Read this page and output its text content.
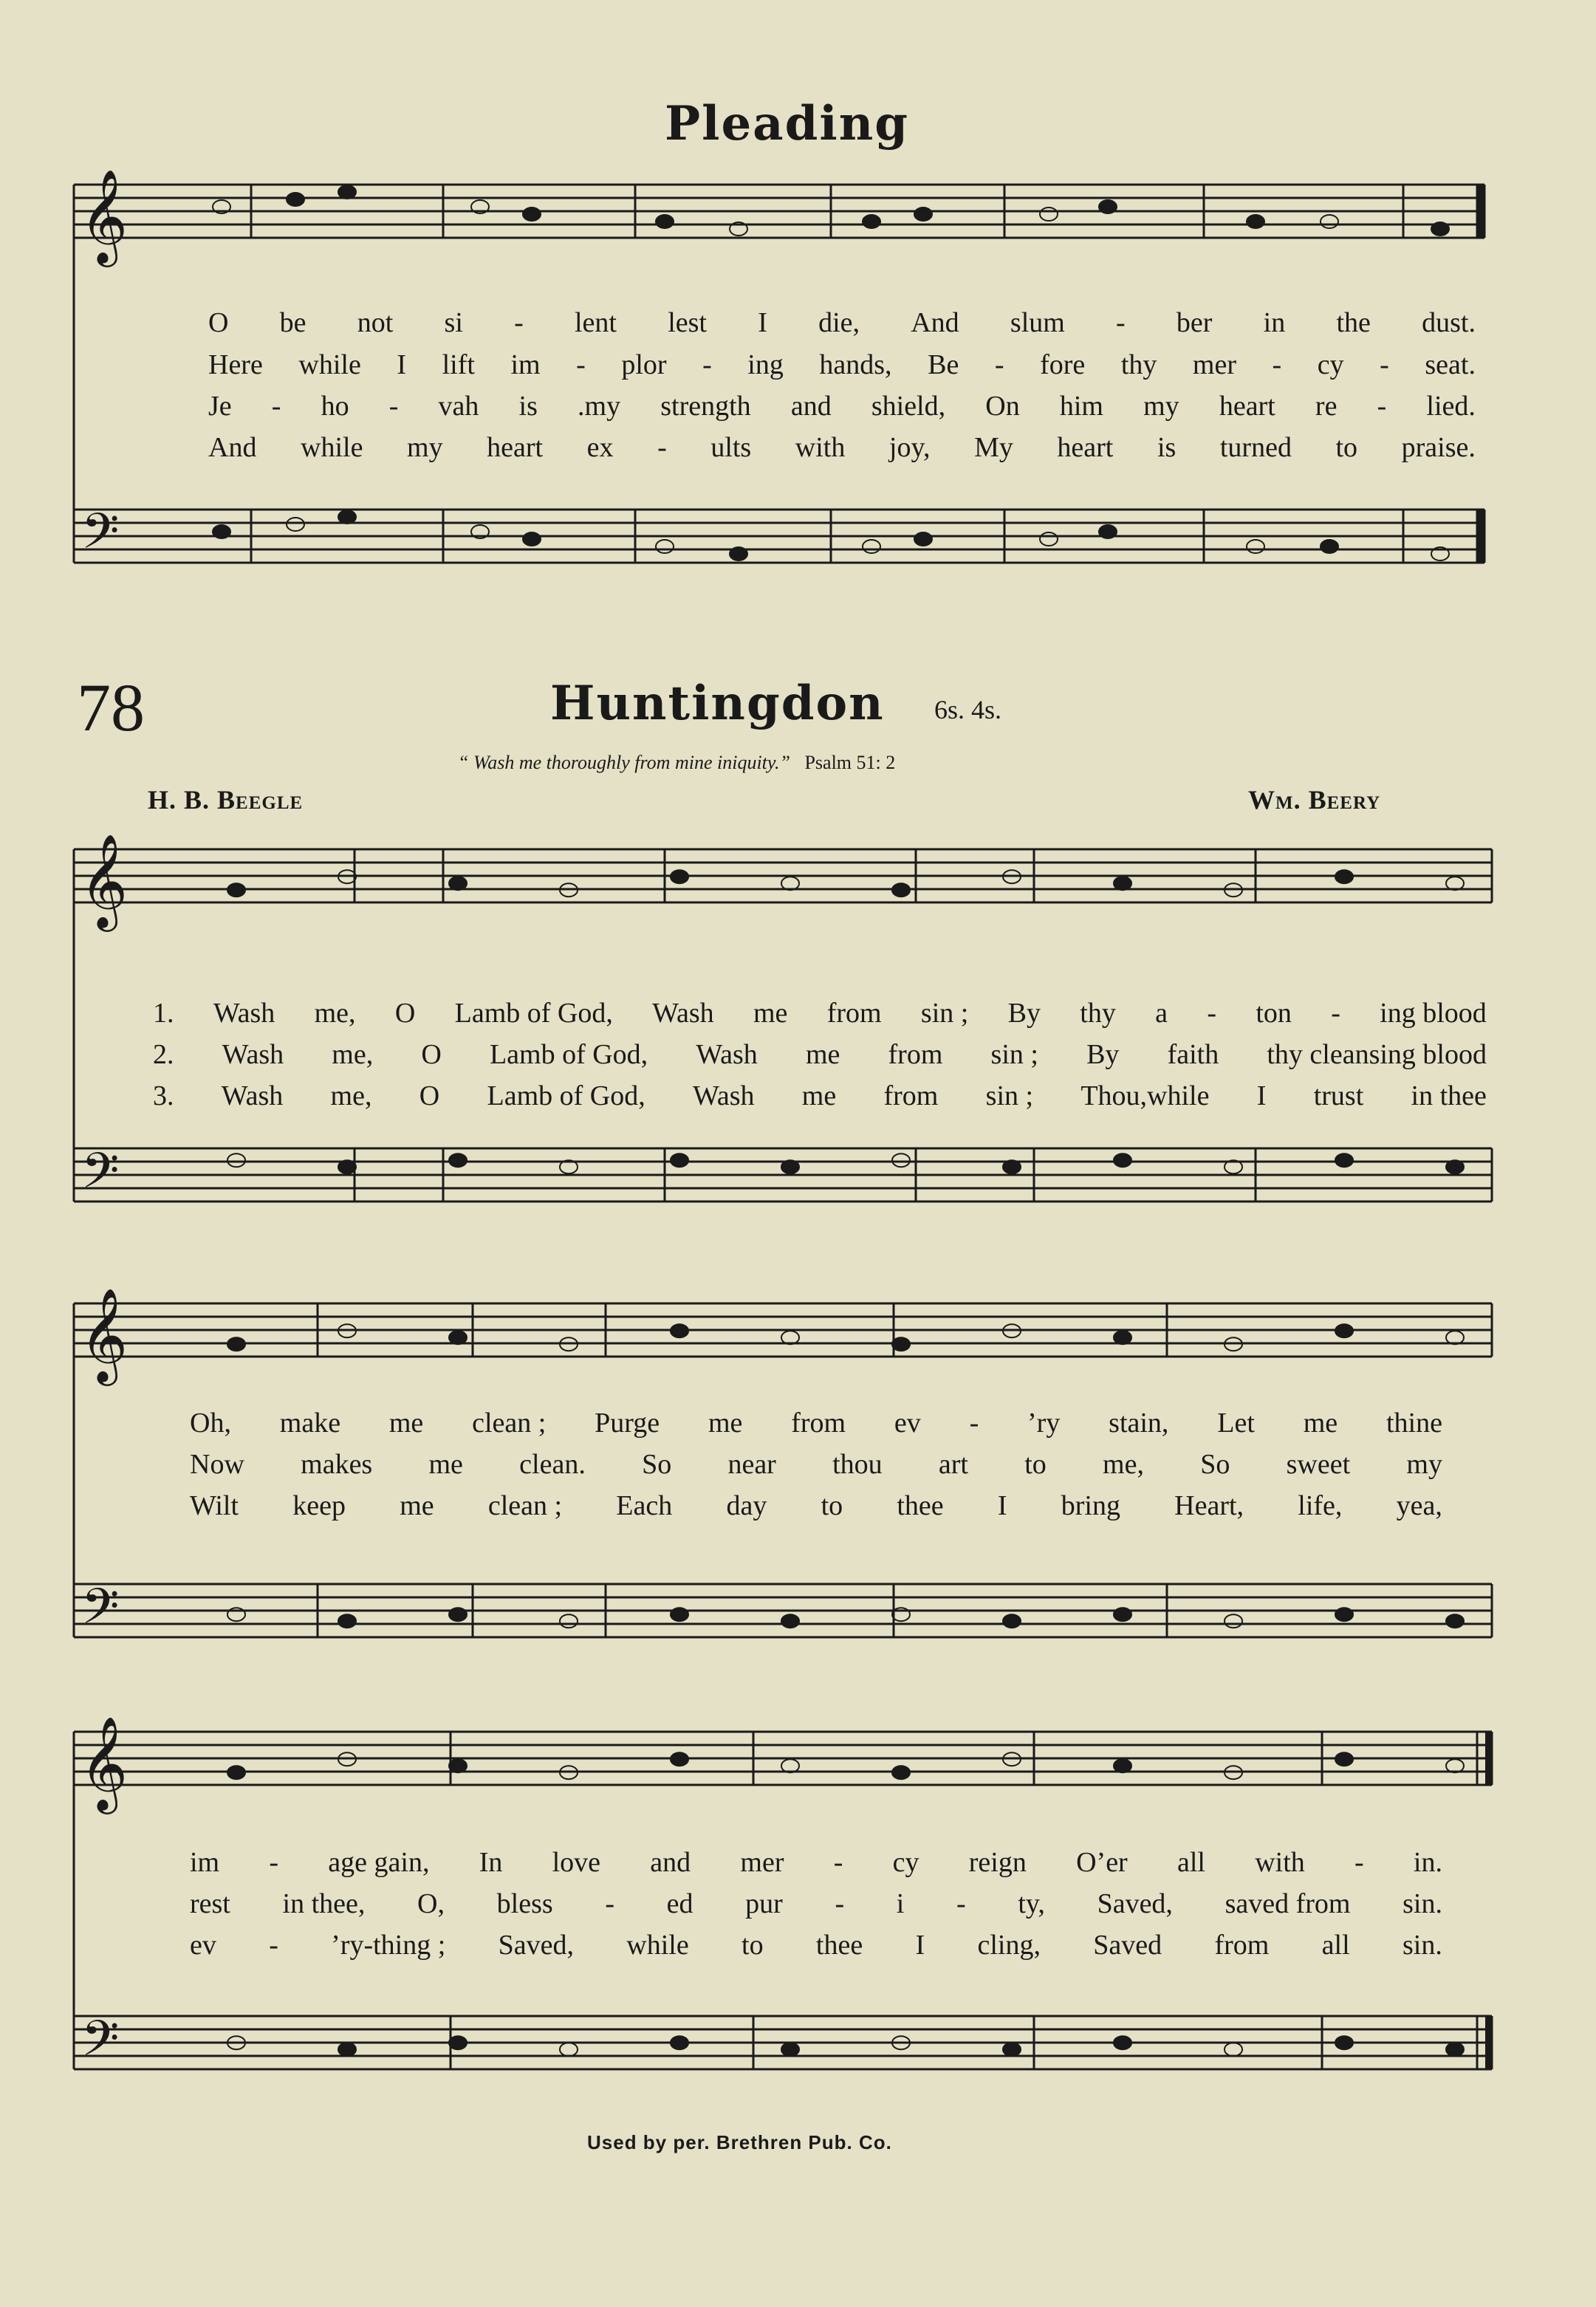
𝄞
𝄢
𝄞
𝄢
𝄞
𝄢
𝄞
𝄢
Pleading
O be not si - lent lest I die, And slum - ber in the dust.
Here while I lift im - plor - ing hands, Be - fore thy mer - cy - seat.
Je - ho - vah is .my strength and shield, On him my heart re - lied.
And while my heart ex - ults with joy, My heart is turned to praise.
78	Huntingdon 6s. 4s.
“ Wash me thoroughly from mine iniquity.” Psalm 51: 2
H. B. Beegle	Wm. Beery
1. Wash me, O Lamb of God, Wash me from sin ; By thy a - ton - ing blood
2. Wash me, O Lamb of God, Wash me from sin ; By faith thy cleansing blood
3. Wash me, O Lamb of God, Wash me from sin ; Thou,while I trust in thee
Oh, make me clean ; Purge me from ev - ’ry stain, Let me thine
Now makes me clean. So near thou art to me, So sweet my
Wilt keep me clean ; Each day to thee I bring Heart, life, yea,
im - age gain, In love and mer - cy reign O’er all with - in.
rest in thee, O, bless - ed pur - i - ty, Saved, saved from sin.
ev - ’ry-thing ; Saved, while to thee I cling, Saved from all sin.
Used by per. Brethren Pub. Co.
